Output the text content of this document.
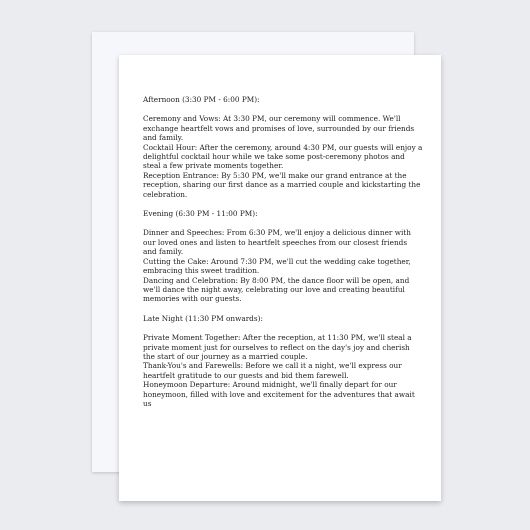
Afternoon (3:30 PM - 6:00 PM):

Ceremony and Vows: At 3:30 PM, our ceremony will commence. We'll exchange heartfelt vows and promises of love, surrounded by our friends and family.

Cocktail Hour: After the ceremony, around 4:30 PM, our guests will enjoy a delightful cocktail hour while we take some post-ceremony photos and steal a few private moments together.

Reception Entrance: By 5:30 PM, we'll make our grand entrance at the reception, sharing our first dance as a married couple and kickstarting the celebration.

Evening (6:30 PM - 11:00 PM):

Dinner and Speeches: From 6:30 PM, we'll enjoy a delicious dinner with our loved ones and listen to heartfelt speeches from our closest friends and family.

Cutting the Cake: Around 7:30 PM, we'll cut the wedding cake together, embracing this sweet tradition.

Dancing and Celebration: By 8:00 PM, the dance floor will be open, and we'll dance the night away, celebrating our love and creating beautiful memories with our guests.

Late Night (11:30 PM onwards):

Private Moment Together: After the reception, at 11:30 PM, we'll steal a private moment just for ourselves to reflect on the day's joy and cherish the start of our journey as a married couple.

Thank-You's and Farewells: Before we call it a night, we'll express our heartfelt gratitude to our guests and bid them farewell.

Honeymoon Departure: Around midnight, we'll finally depart for our honeymoon, filled with love and excitement for the adventures that await us
